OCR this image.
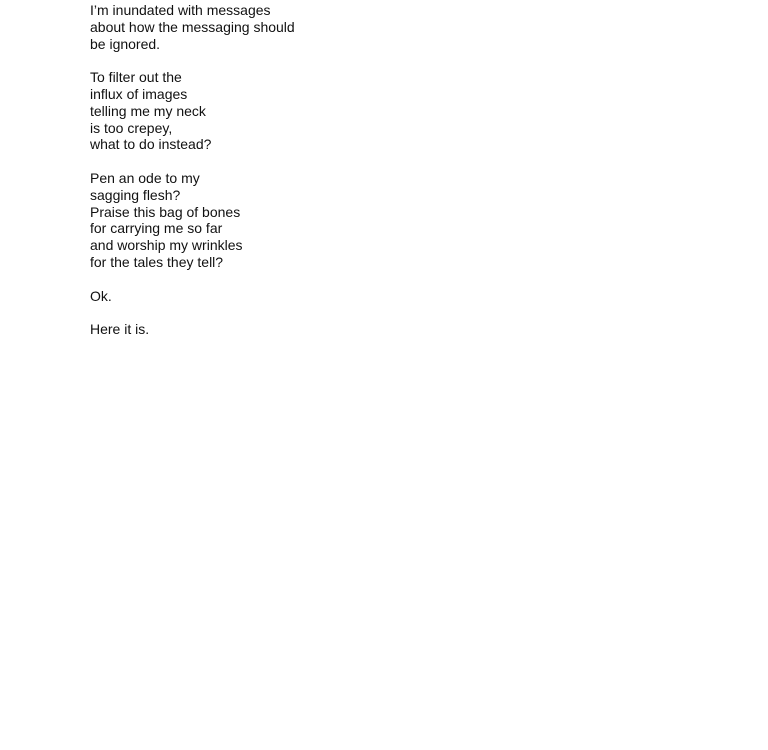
I’m inundated with messages
about how the messaging should
be ignored.

To filter out the
influx of images
telling me my neck
is too crepey,
what to do instead?

Pen an ode to my
sagging flesh?
Praise this bag of bones
for carrying me so far
and worship my wrinkles
for the tales they tell?

Ok.

Here it is.
